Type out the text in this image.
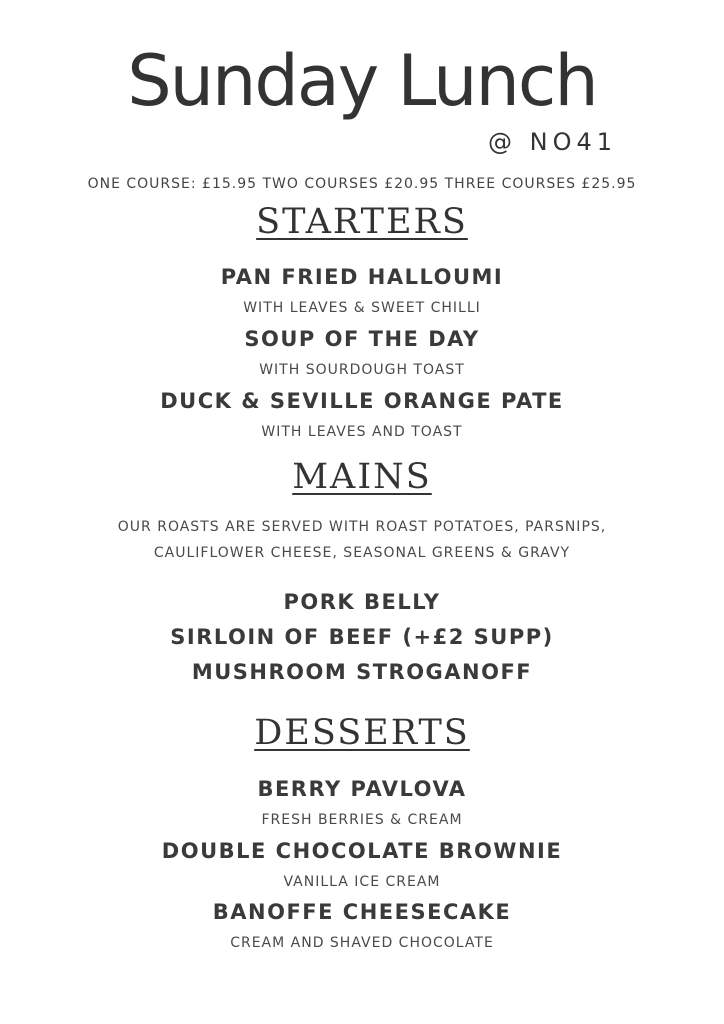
Sunday Lunch
@ NO41
ONE COURSE: £15.95 TWO COURSES £20.95 THREE COURSES £25.95
STARTERS
PAN FRIED HALLOUMI
WITH LEAVES & SWEET CHILLI
SOUP OF THE DAY
WITH SOURDOUGH TOAST
DUCK & SEVILLE ORANGE PATE
WITH LEAVES AND TOAST
MAINS
OUR ROASTS ARE SERVED WITH ROAST POTATOES, PARSNIPS,
CAULIFLOWER CHEESE, SEASONAL GREENS & GRAVY
PORK BELLY
SIRLOIN OF BEEF (+£2 SUPP)
MUSHROOM STROGANOFF
DESSERTS
BERRY PAVLOVA
FRESH BERRIES & CREAM
DOUBLE CHOCOLATE BROWNIE
VANILLA ICE CREAM
BANOFFE CHEESECAKE
CREAM AND SHAVED CHOCOLATE
